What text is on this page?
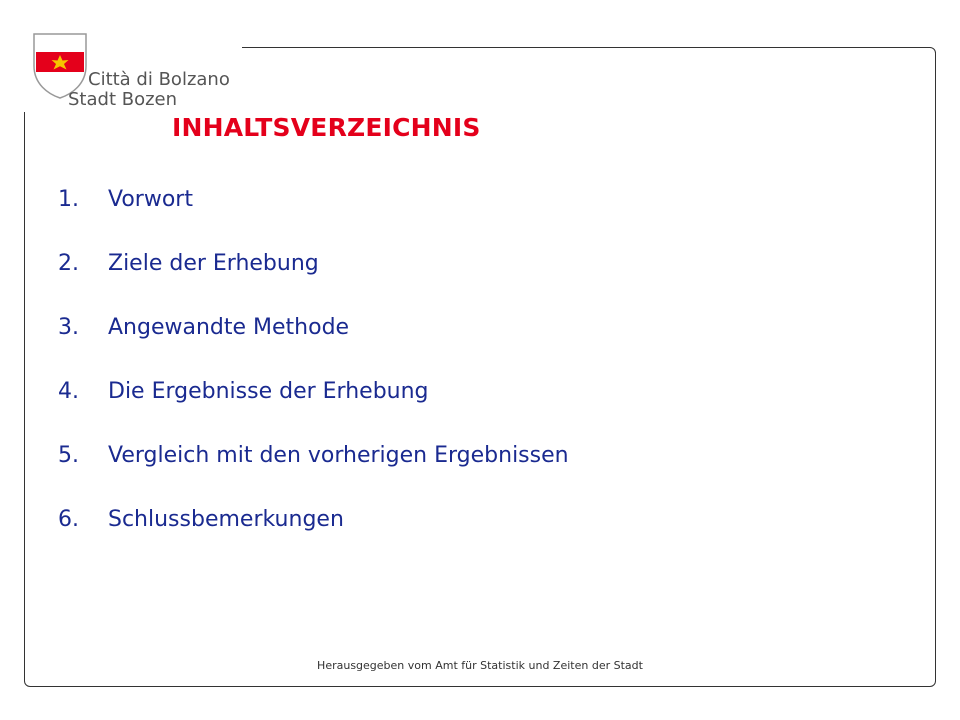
Città di Bolzano
Stadt Bozen
INHALTSVERZEICHNIS
1. Vorwort
2. Ziele der Erhebung
3. Angewandte Methode
4. Die Ergebnisse der Erhebung
5. Vergleich mit den vorherigen Ergebnissen
6. Schlussbemerkungen
Herausgegeben vom Amt für Statistik und Zeiten der Stadt
